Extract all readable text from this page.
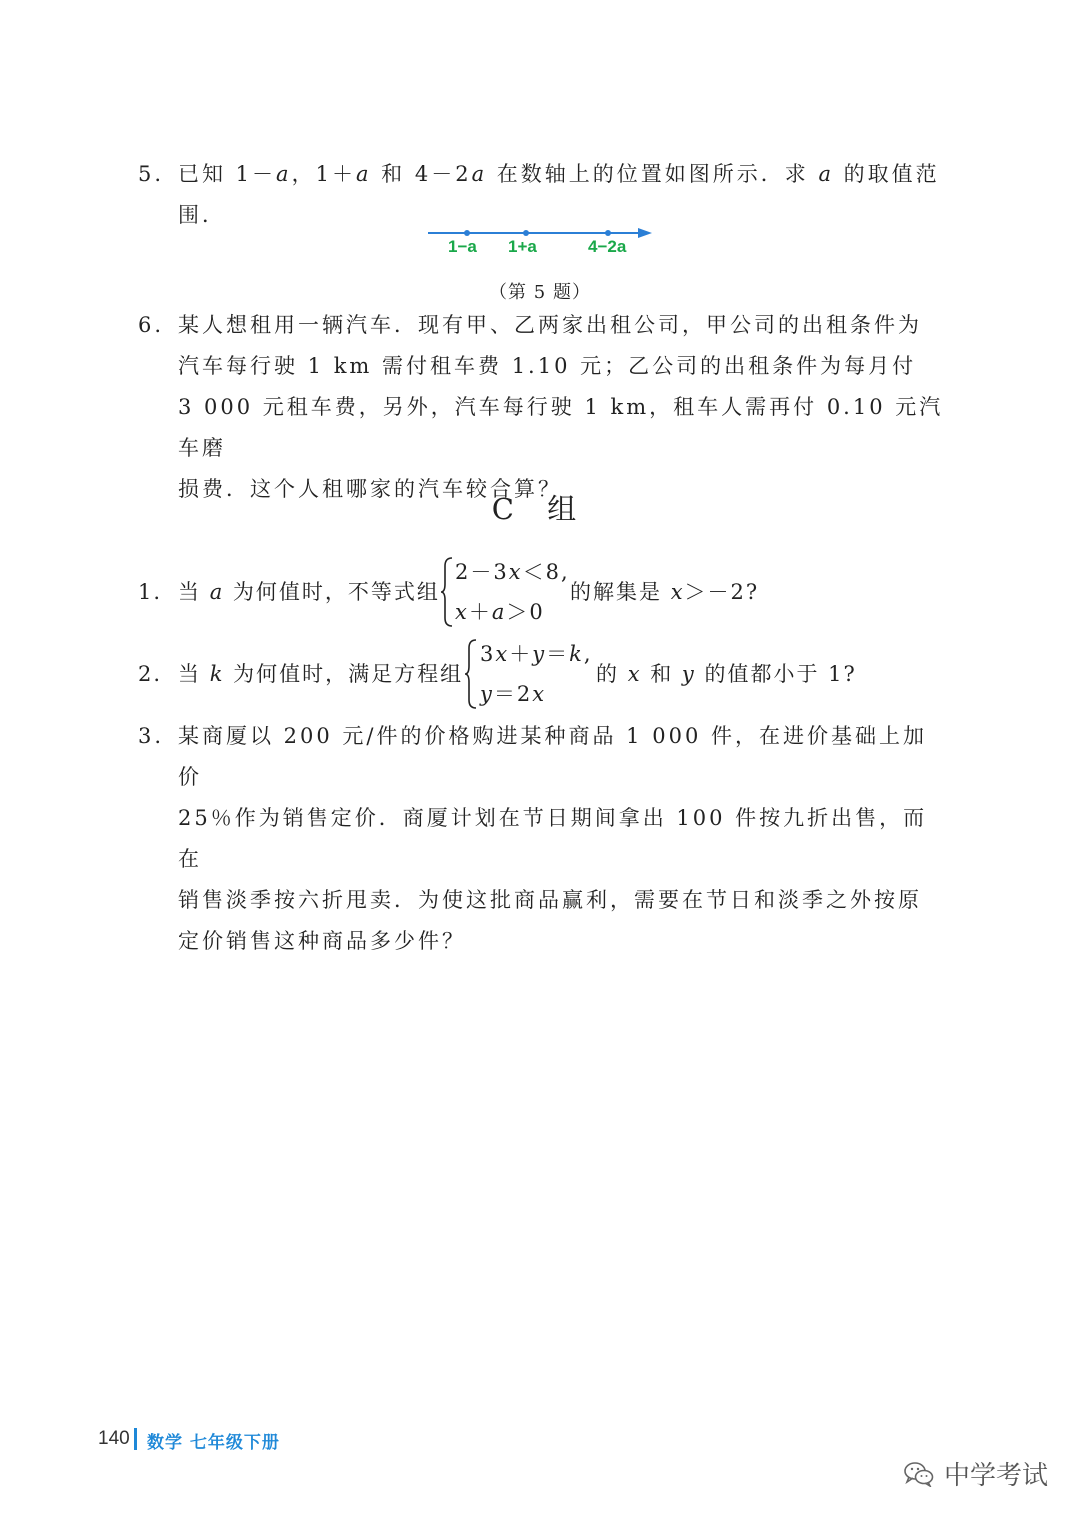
5. 已知 1－a，1＋a 和 4－2a 在数轴上的位置如图所示．求 a 的取值范围．

1−a 1+a	4−2a
（第 5 题）
6. 某人想租用一辆汽车．现有甲、乙两家出租公司，甲公司的出租条件为

汽车每行驶 1 km 需付租车费 1.10 元；乙公司的出租条件为每月付

3 000 元租车费，另外，汽车每行驶 1 km，租车人需再付 0.10 元汽车磨

损费．这个人租哪家的汽车较合算？

C 组
1. 当 a 为何值时，不等式组
2－3x＜8,
x＋a＞0
的解集是 x＞－2?
2. 当 k 为何值时，满足方程组
3x＋y＝k,
y＝2x
的 x 和 y 的值都小于 1?
3. 某商厦以 200 元/件的价格购进某种商品 1 000 件，在进价基础上加价

25％作为销售定价．商厦计划在节日期间拿出 100 件按九折出售，而在

销售淡季按六折甩卖．为使这批商品赢利，需要在节日和淡季之外按原

定价销售这种商品多少件？

140 数学 七年级下册
中学考试
